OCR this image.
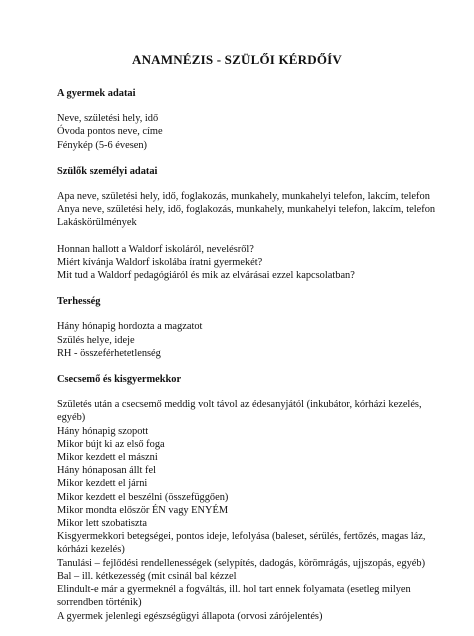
ANAMNÉZIS - SZÜLŐI KÉRDŐÍV

A gyermek adatai

Neve, születési hely, idő

Óvoda pontos neve, címe

Fénykép (5-6 évesen)

Szülők személyi adatai

Apa neve, születési hely, idő, foglakozás, munkahely, munkahelyi telefon, lakcím, telefon

Anya neve, születési hely, idő, foglakozás, munkahely, munkahelyi telefon, lakcím, telefon

Lakáskörülmények

Honnan hallott a Waldorf iskoláról, nevelésről?

Miért kívánja Waldorf iskolába íratni gyermekét?

Mit tud a Waldorf pedagógiáról és mik az elvárásai ezzel kapcsolatban?

Terhesség

Hány hónapig hordozta a magzatot

Szülés helye, ideje

RH - összeférhetetlenség

Csecsemő és kisgyermekkor

Születés után a csecsemő meddig volt távol az édesanyjától (inkubátor, kórházi kezelés, egyéb)

Hány hónapig szopott

Mikor bújt ki az első foga

Mikor kezdett el mászni

Hány hónaposan állt fel

Mikor kezdett el járni

Mikor kezdett el beszélni (összefüggően)

Mikor mondta először ÉN vagy ENYÉM

Mikor lett szobatiszta

Kisgyermekkori betegségei, pontos ideje, lefolyása (baleset, sérülés, fertőzés, magas láz, kórházi kezelés)

Tanulási – fejlődési rendellenességek (selypítés, dadogás, körömrágás, ujjszopás, egyéb)

Bal – ill. kétkezesség (mit csinál bal kézzel

Elindult-e már a gyermeknél a fogváltás, ill. hol tart ennek folyamata (esetleg milyen sorrendben történik)

A gyermek jelenlegi egészségügyi állapota (orvosi zárójelentés)
